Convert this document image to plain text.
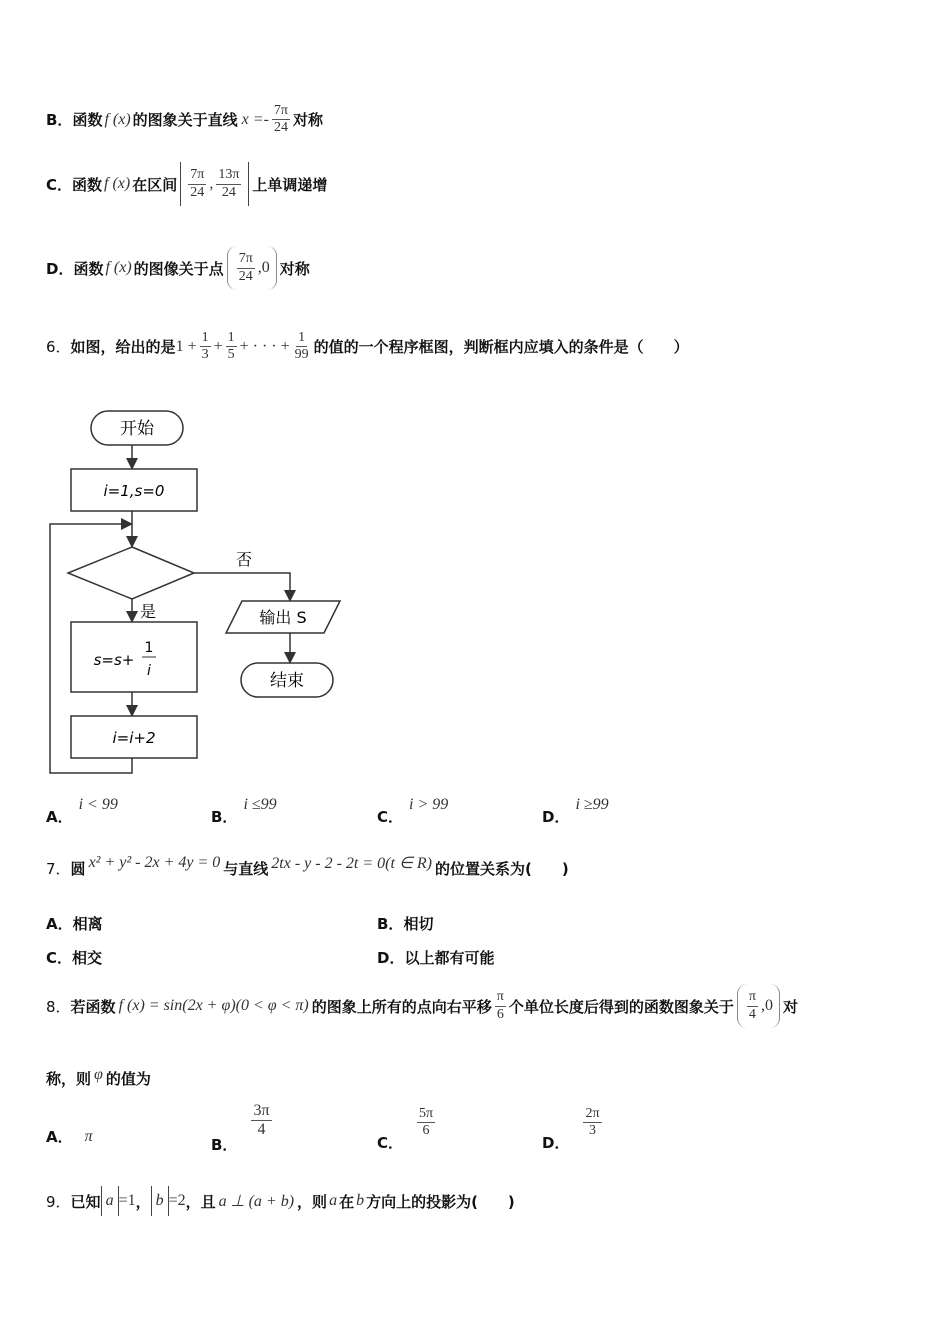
B． 函数 f (x) 的图象关于直线 $x =- \frac{7\pi}{24}$ 对称
C． 函数 f (x) 在区间 $\frac{7\pi}{24}$ , $\frac{13\pi}{24}$ 上单调递增
D． 函数 f (x) 的图像关于点 $\frac{7\pi}{24} ,0$ 对称
6． 如图，给出的是 $1 + \frac{1}{3} + \frac{1}{5}$ + · · · + $\frac{1}{99}$ 的值的一个程序框图，判断框内应填入的条件是（　　）
开始
i=1,s=0
否
输出 S
结束
是
s=s+
1
i
i=i+2
A．
i < 99
B．
i ≤99
C．
i > 99
D．
i ≥99
7． 圆 x² + y² - 2x + 4y = 0 与直线 2tx - y - 2 - 2t = 0(t ∈ R) 的位置关系为(　　)
A． 相离	B． 相切
C． 相交	D． 以上都有可能
8． 若函数 f (x) = sin(2x + φ)(0 < φ < π) 的图象上所有的点向右平移 $\frac{\pi}{6}$ 个单位长度后得到的函数图象关于 $\frac{\pi}{4} ,0$ 对
称，则 φ 的值为
A． π
B．
$\frac{3\pi}{4}$
C．
$\frac{5\pi}{6}$
D．
$\frac{2\pi}{3}$
9． 已知 a =1 ， b =2 ，且 a ⊥ (a + b) ，则 a 在 b 方向上的投影为(　　)
